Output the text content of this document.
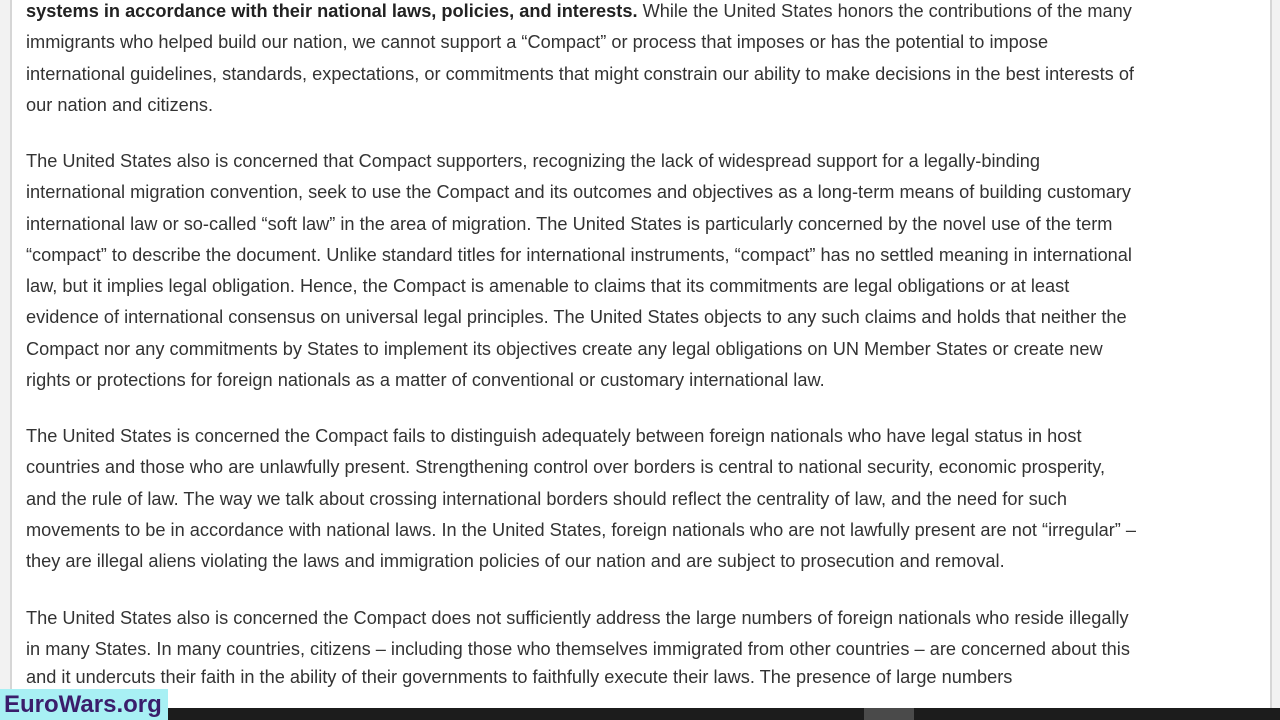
systems in accordance with their national laws, policies, and interests. While the United States honors the contributions of the many
immigrants who helped build our nation, we cannot support a “Compact” or process that imposes or has the potential to impose
international guidelines, standards, expectations, or commitments that might constrain our ability to make decisions in the best interests of
our nation and citizens.
The United States also is concerned that Compact supporters, recognizing the lack of widespread support for a legally-binding
international migration convention, seek to use the Compact and its outcomes and objectives as a long-term means of building customary
international law or so-called “soft law” in the area of migration. The United States is particularly concerned by the novel use of the term
“compact” to describe the document. Unlike standard titles for international instruments, “compact” has no settled meaning in international
law, but it implies legal obligation. Hence, the Compact is amenable to claims that its commitments are legal obligations or at least
evidence of international consensus on universal legal principles. The United States objects to any such claims and holds that neither the
Compact nor any commitments by States to implement its objectives create any legal obligations on UN Member States or create new
rights or protections for foreign nationals as a matter of conventional or customary international law.
The United States is concerned the Compact fails to distinguish adequately between foreign nationals who have legal status in host
countries and those who are unlawfully present. Strengthening control over borders is central to national security, economic prosperity,
and the rule of law. The way we talk about crossing international borders should reflect the centrality of law, and the need for such
movements to be in accordance with national laws. In the United States, foreign nationals who are not lawfully present are not “irregular” –
they are illegal aliens violating the laws and immigration policies of our nation and are subject to prosecution and removal.
The United States also is concerned the Compact does not sufficiently address the large numbers of foreign nationals who reside illegally
in many States. In many countries, citizens – including those who themselves immigrated from other countries – are concerned about this
and it undercuts their faith in the ability of their governments to faithfully execute their laws. The presence of large numbers
EuroWars.org
